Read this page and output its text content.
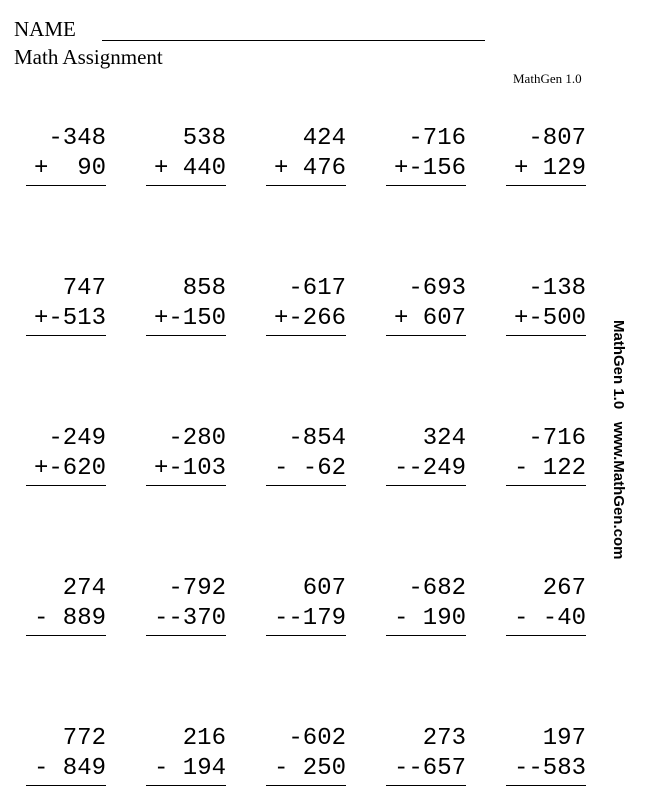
NAME
Math Assignment
MathGen 1.0
-348
+  90
538
+ 440
424
+ 476
-716
+-156
-807
+ 129
747
+-513
858
+-150
-617
+-266
-693
+ 607
-138
+-500
-249
+-620
-280
+-103
-854
- -62
324
--249
-716
- 122
274
- 889
-792
--370
607
--179
-682
- 190
267
- -40
772
- 849
216
- 194
-602
- 250
273
--657
197
--583
MathGen 1.0   www.MathGen.com
